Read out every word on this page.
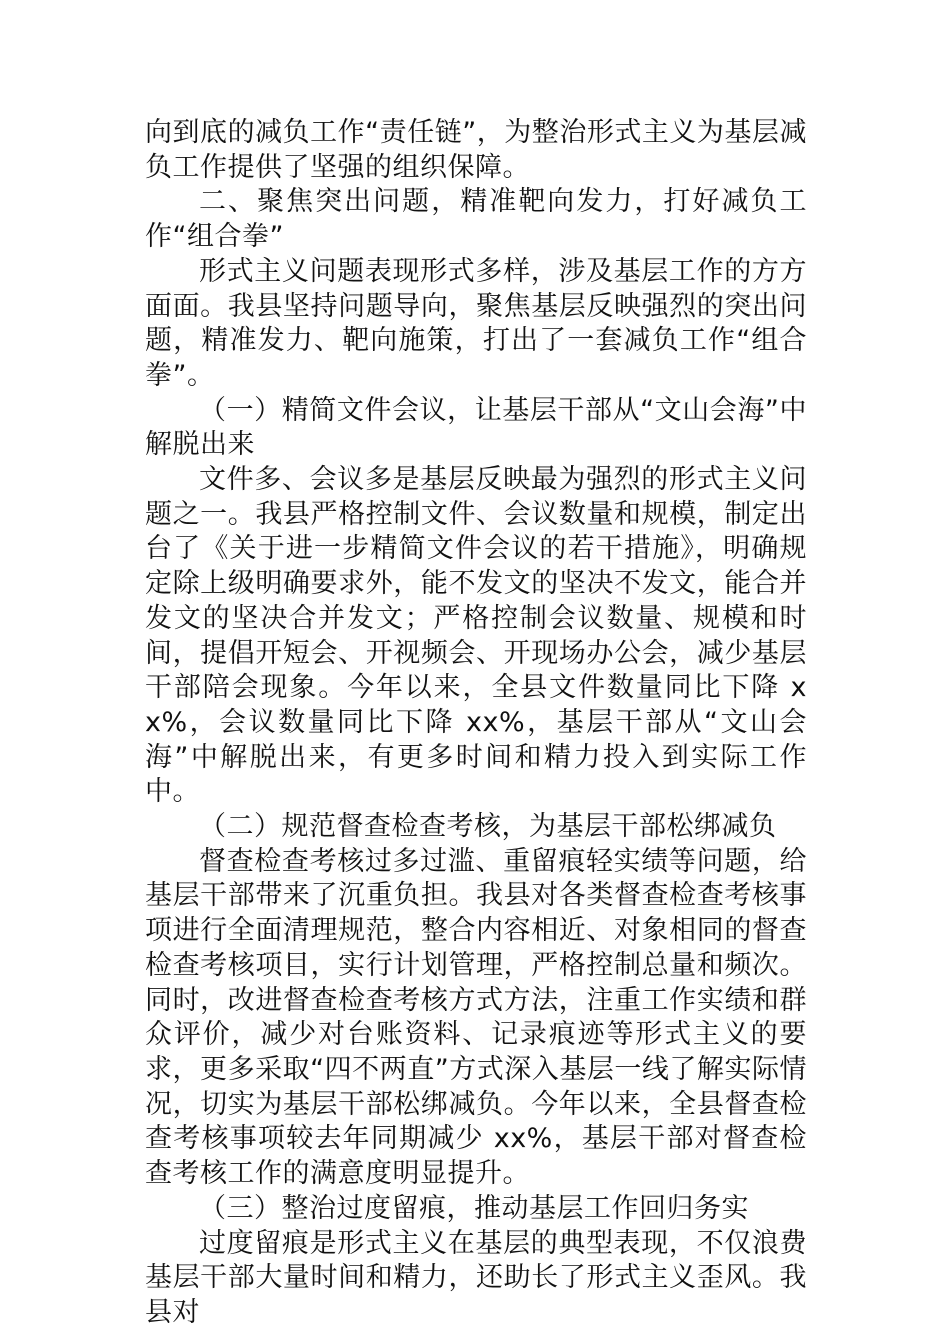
向到底的减负工作“责任链”，为整治形式主义为基层减负工作提供了坚强的组织保障。

二、聚焦突出问题，精准靶向发力，打好减负工作“组合拳”

形式主义问题表现形式多样，涉及基层工作的方方面面。我县坚持问题导向，聚焦基层反映强烈的突出问题，精准发力、靶向施策，打出了一套减负工作“组合拳”。

（一）精简文件会议，让基层干部从“文山会海”中解脱出来

文件多、会议多是基层反映最为强烈的形式主义问题之一。我县严格控制文件、会议数量和规模，制定出台了《关于进一步精简文件会议的若干措施》，明确规定除上级明确要求外，能不发文的坚决不发文，能合并发文的坚决合并发文；严格控制会议数量、规模和时间，提倡开短会、开视频会、开现场办公会，减少基层干部陪会现象。今年以来，全县文件数量同比下降 xx%，会议数量同比下降 xx%，基层干部从“文山会海”中解脱出来，有更多时间和精力投入到实际工作中。

（二）规范督查检查考核，为基层干部松绑减负

督查检查考核过多过滥、重留痕轻实绩等问题，给基层干部带来了沉重负担。我县对各类督查检查考核事项进行全面清理规范，整合内容相近、对象相同的督查检查考核项目，实行计划管理，严格控制总量和频次。同时，改进督查检查考核方式方法，注重工作实绩和群众评价，减少对台账资料、记录痕迹等形式主义的要求，更多采取“四不两直”方式深入基层一线了解实际情况，切实为基层干部松绑减负。今年以来，全县督查检查考核事项较去年同期减少 xx%，基层干部对督查检查考核工作的满意度明显提升。

（三）整治过度留痕，推动基层工作回归务实

过度留痕是形式主义在基层的典型表现，不仅浪费基层干部大量时间和精力，还助长了形式主义歪风。我县对
